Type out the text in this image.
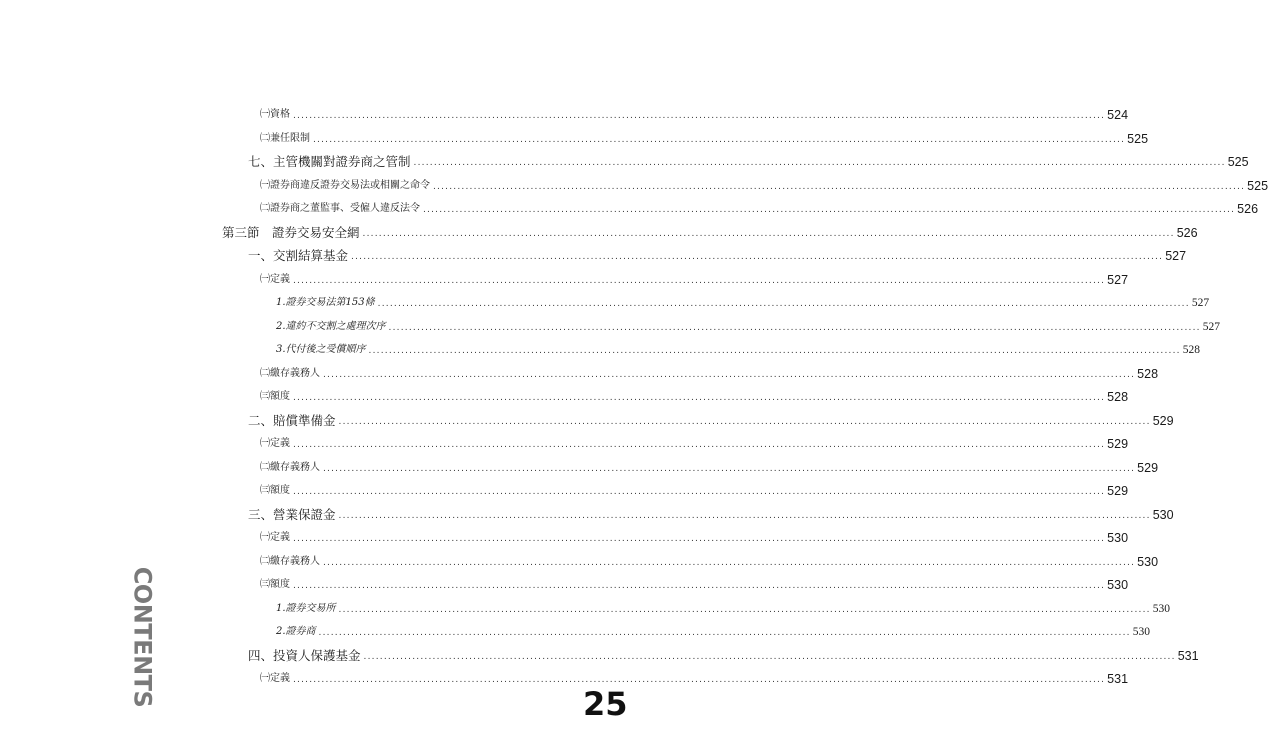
㈠資格 ........................................................................................................................................................................................................ 524
㈡兼任限制 ........................................................................................................................................................................................................ 525
七、主管機關對證券商之管制 ........................................................................................................................................................................................................ 525
㈠證券商違反證券交易法或相關之命令 ........................................................................................................................................................................................................ 525
㈡證券商之董監事、受僱人違反法令 ........................................................................................................................................................................................................ 526
第三節　證券交易安全網 ........................................................................................................................................................................................................ 526
一、交割結算基金 ........................................................................................................................................................................................................ 527
㈠定義 ........................................................................................................................................................................................................ 527
1.證券交易法第153條 ........................................................................................................................................................................................................ 527
2.違約不交割之處理次序 ........................................................................................................................................................................................................ 527
3.代付後之受償順序 ........................................................................................................................................................................................................ 528
㈡繳存義務人 ........................................................................................................................................................................................................ 528
㈢額度 ........................................................................................................................................................................................................ 528
二、賠償準備金 ........................................................................................................................................................................................................ 529
㈠定義 ........................................................................................................................................................................................................ 529
㈡繳存義務人 ........................................................................................................................................................................................................ 529
㈢額度 ........................................................................................................................................................................................................ 529
三、營業保證金 ........................................................................................................................................................................................................ 530
㈠定義 ........................................................................................................................................................................................................ 530
㈡繳存義務人 ........................................................................................................................................................................................................ 530
㈢額度 ........................................................................................................................................................................................................ 530
1.證券交易所 ........................................................................................................................................................................................................ 530
2.證券商 ........................................................................................................................................................................................................ 530
四、投資人保護基金 ........................................................................................................................................................................................................ 531
㈠定義 ........................................................................................................................................................................................................ 531
CONTENTS	25
